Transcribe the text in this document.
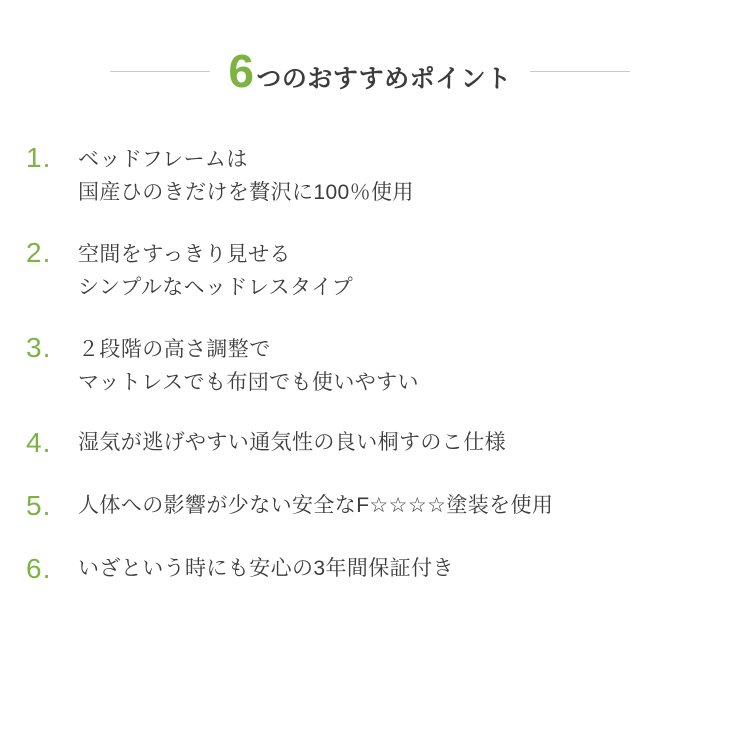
6 つのおすすめポイント
1.	ベッドフレームは
国産ひのきだけを贅沢に100％使用
2.	空間をすっきり見せる
シンプルなヘッドレスタイプ
3.	２段階の高さ調整で
マットレスでも布団でも使いやすい
4.	湿気が逃げやすい通気性の良い桐すのこ仕様
5.	人体への影響が少ない安全なF☆☆☆☆塗装を使用
6.	いざという時にも安心の3年間保証付き
